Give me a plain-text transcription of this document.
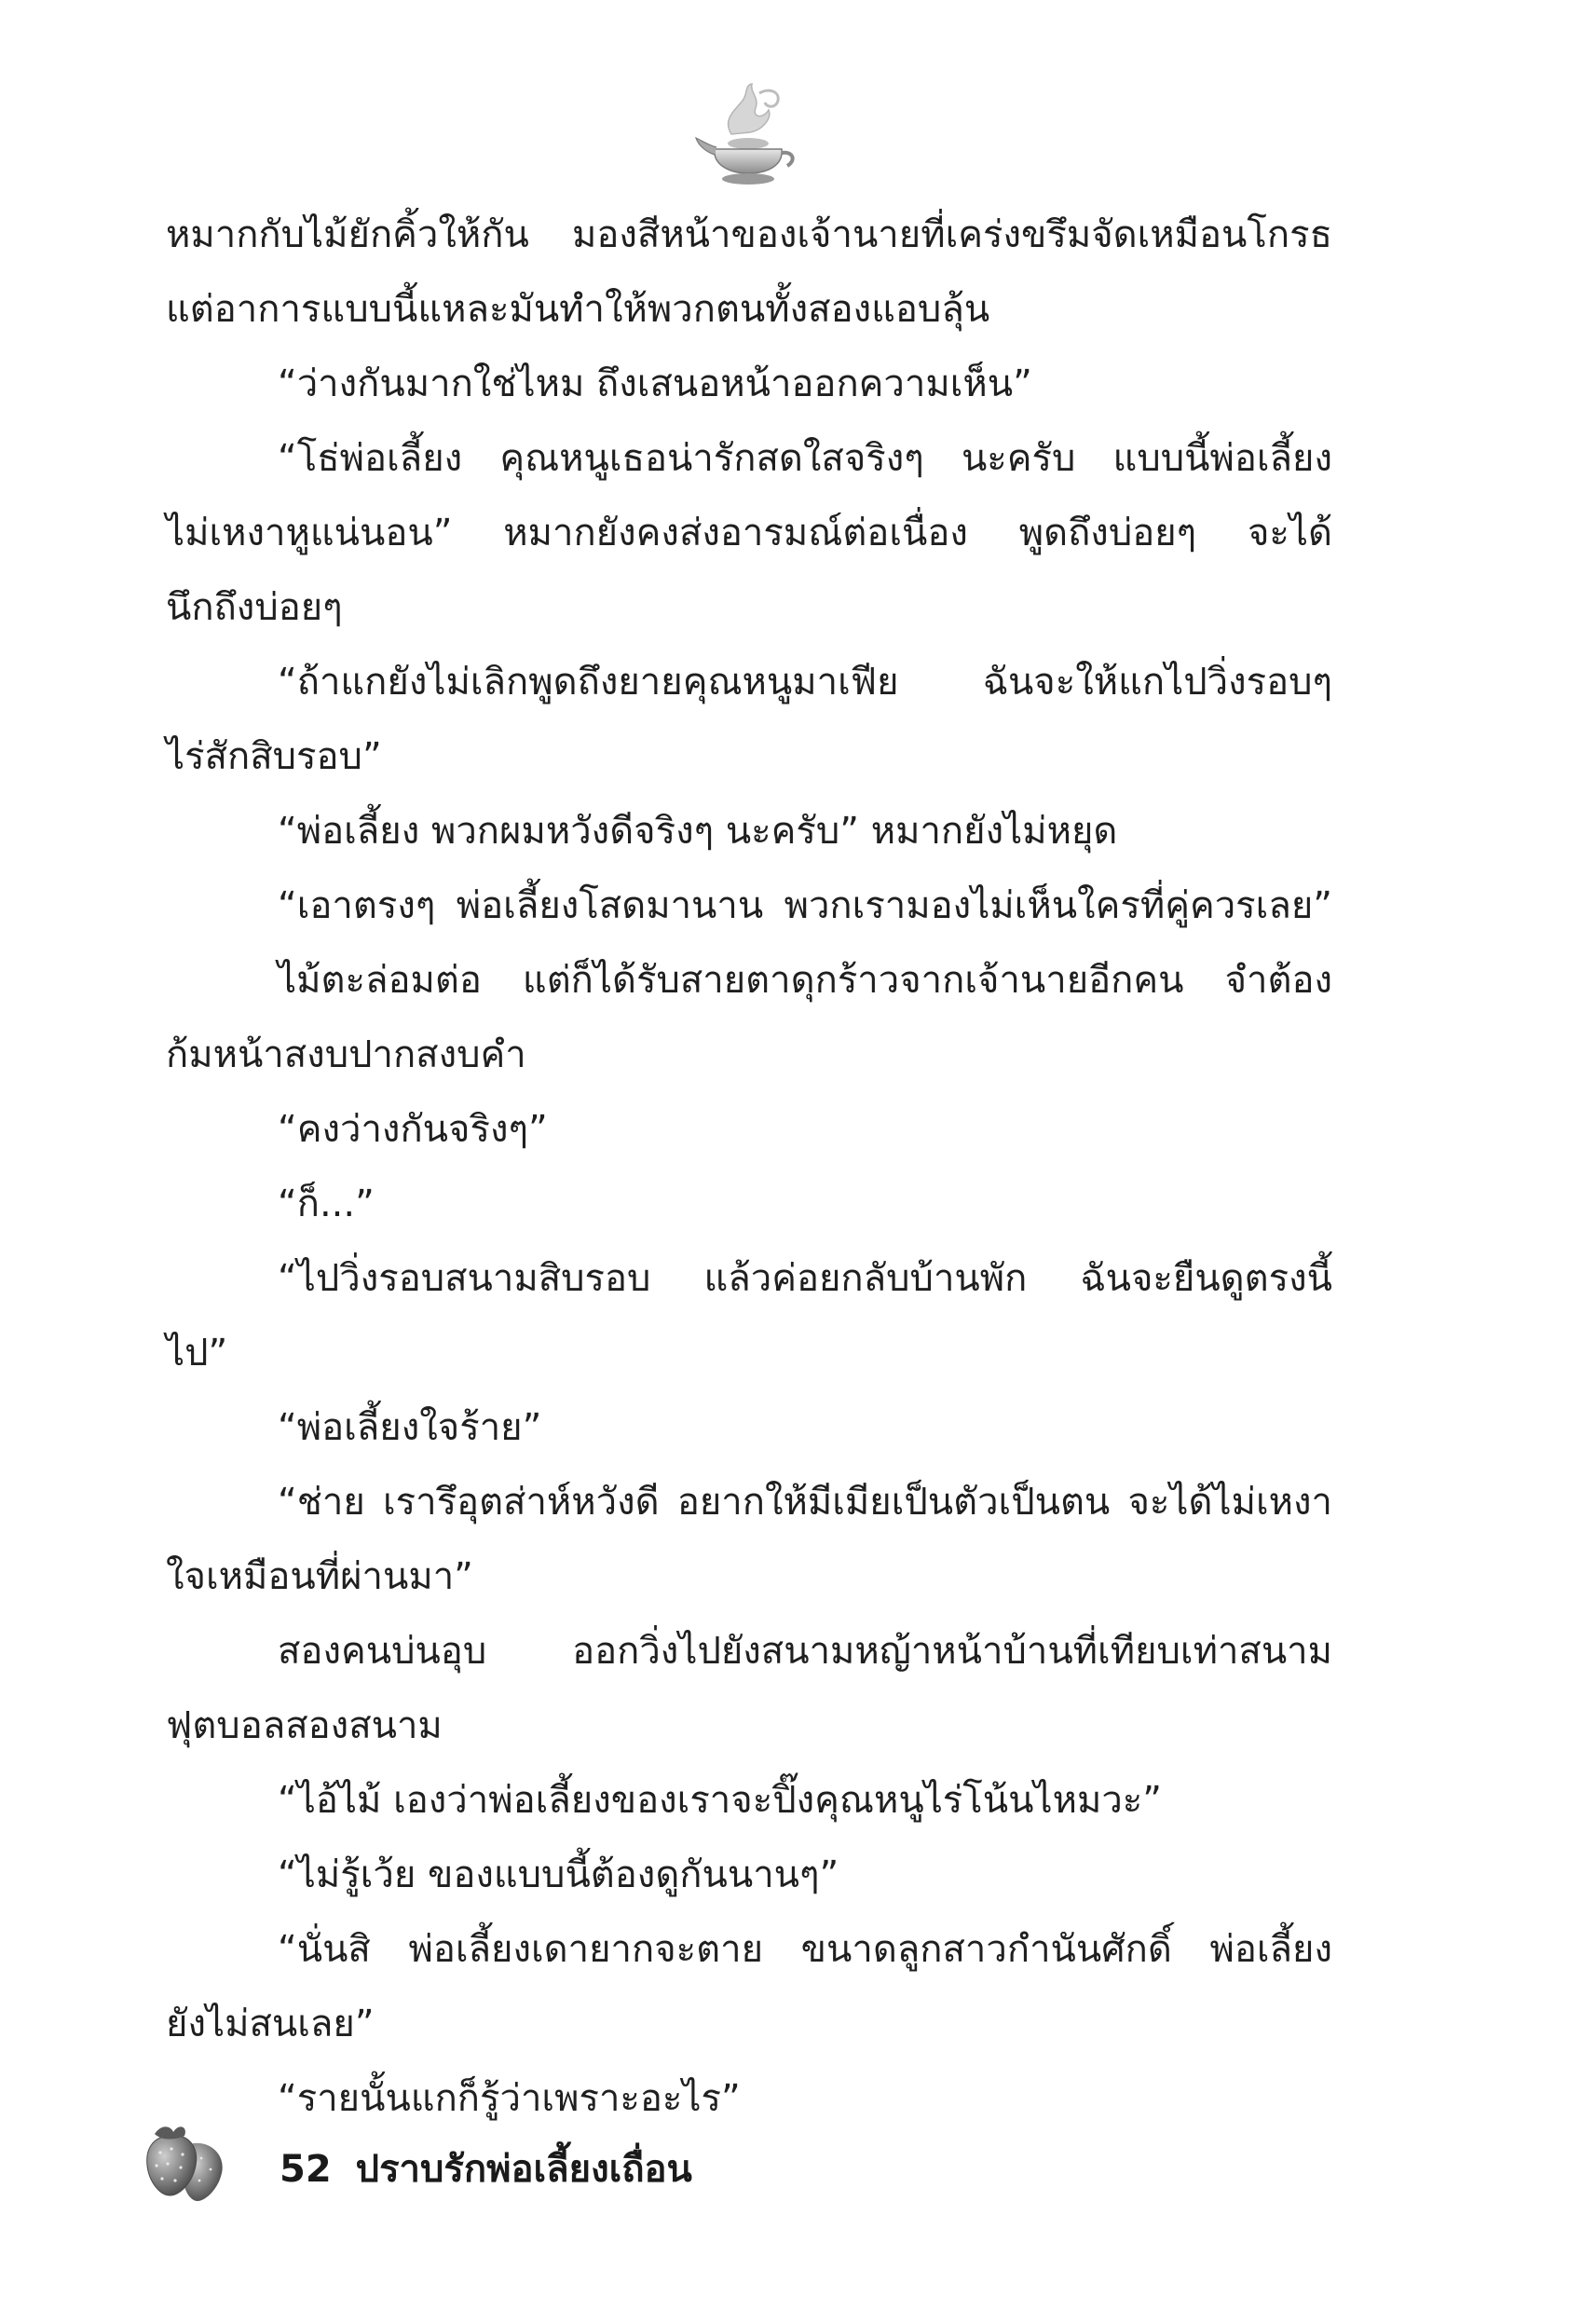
หมากกับไม้ยักคิ้วให้กัน มองสีหน้าของเจ้านายที่เคร่งขรึมจัดเหมือนโกรธ
แต่อาการแบบนี้แหละมันทำให้พวกตนทั้งสองแอบลุ้น
“ว่างกันมากใช่ไหม ถึงเสนอหน้าออกความเห็น”
“โธ่พ่อเลี้ยง คุณหนูเธอน่ารักสดใสจริงๆ นะครับ แบบนี้พ่อเลี้ยง
ไม่เหงาหูแน่นอน” หมากยังคงส่งอารมณ์ต่อเนื่อง พูดถึงบ่อยๆ จะได้
นึกถึงบ่อยๆ
“ถ้าแกยังไม่เลิกพูดถึงยายคุณหนูมาเฟีย ฉันจะให้แกไปวิ่งรอบๆ
ไร่สักสิบรอบ”
“พ่อเลี้ยง พวกผมหวังดีจริงๆ นะครับ” หมากยังไม่หยุด
“เอาตรงๆ พ่อเลี้ยงโสดมานาน พวกเรามองไม่เห็นใครที่คู่ควรเลย”
ไม้ตะล่อมต่อ แต่ก็ได้รับสายตาดุกร้าวจากเจ้านายอีกคน จำต้อง
ก้มหน้าสงบปากสงบคำ
“คงว่างกันจริงๆ”
“ก็...”
“ไปวิ่งรอบสนามสิบรอบ แล้วค่อยกลับบ้านพัก ฉันจะยืนดูตรงนี้
ไป”
“พ่อเลี้ยงใจร้าย”
“ช่าย เรารึอุตส่าห์หวังดี อยากให้มีเมียเป็นตัวเป็นตน จะได้ไม่เหงา
ใจเหมือนที่ผ่านมา”
สองคนบ่นอุบ ออกวิ่งไปยังสนามหญ้าหน้าบ้านที่เทียบเท่าสนาม
ฟุตบอลสองสนาม
“ไอ้ไม้ เองว่าพ่อเลี้ยงของเราจะปิ๊งคุณหนูไร่โน้นไหมวะ”
“ไม่รู้เว้ย ของแบบนี้ต้องดูกันนานๆ”
“นั่นสิ พ่อเลี้ยงเดายากจะตาย ขนาดลูกสาวกำนันศักดิ์ พ่อเลี้ยง
ยังไม่สนเลย”
“รายนั้นแกก็รู้ว่าเพราะอะไร”
52 ปราบรักพ่อเลี้ยงเถื่อน
